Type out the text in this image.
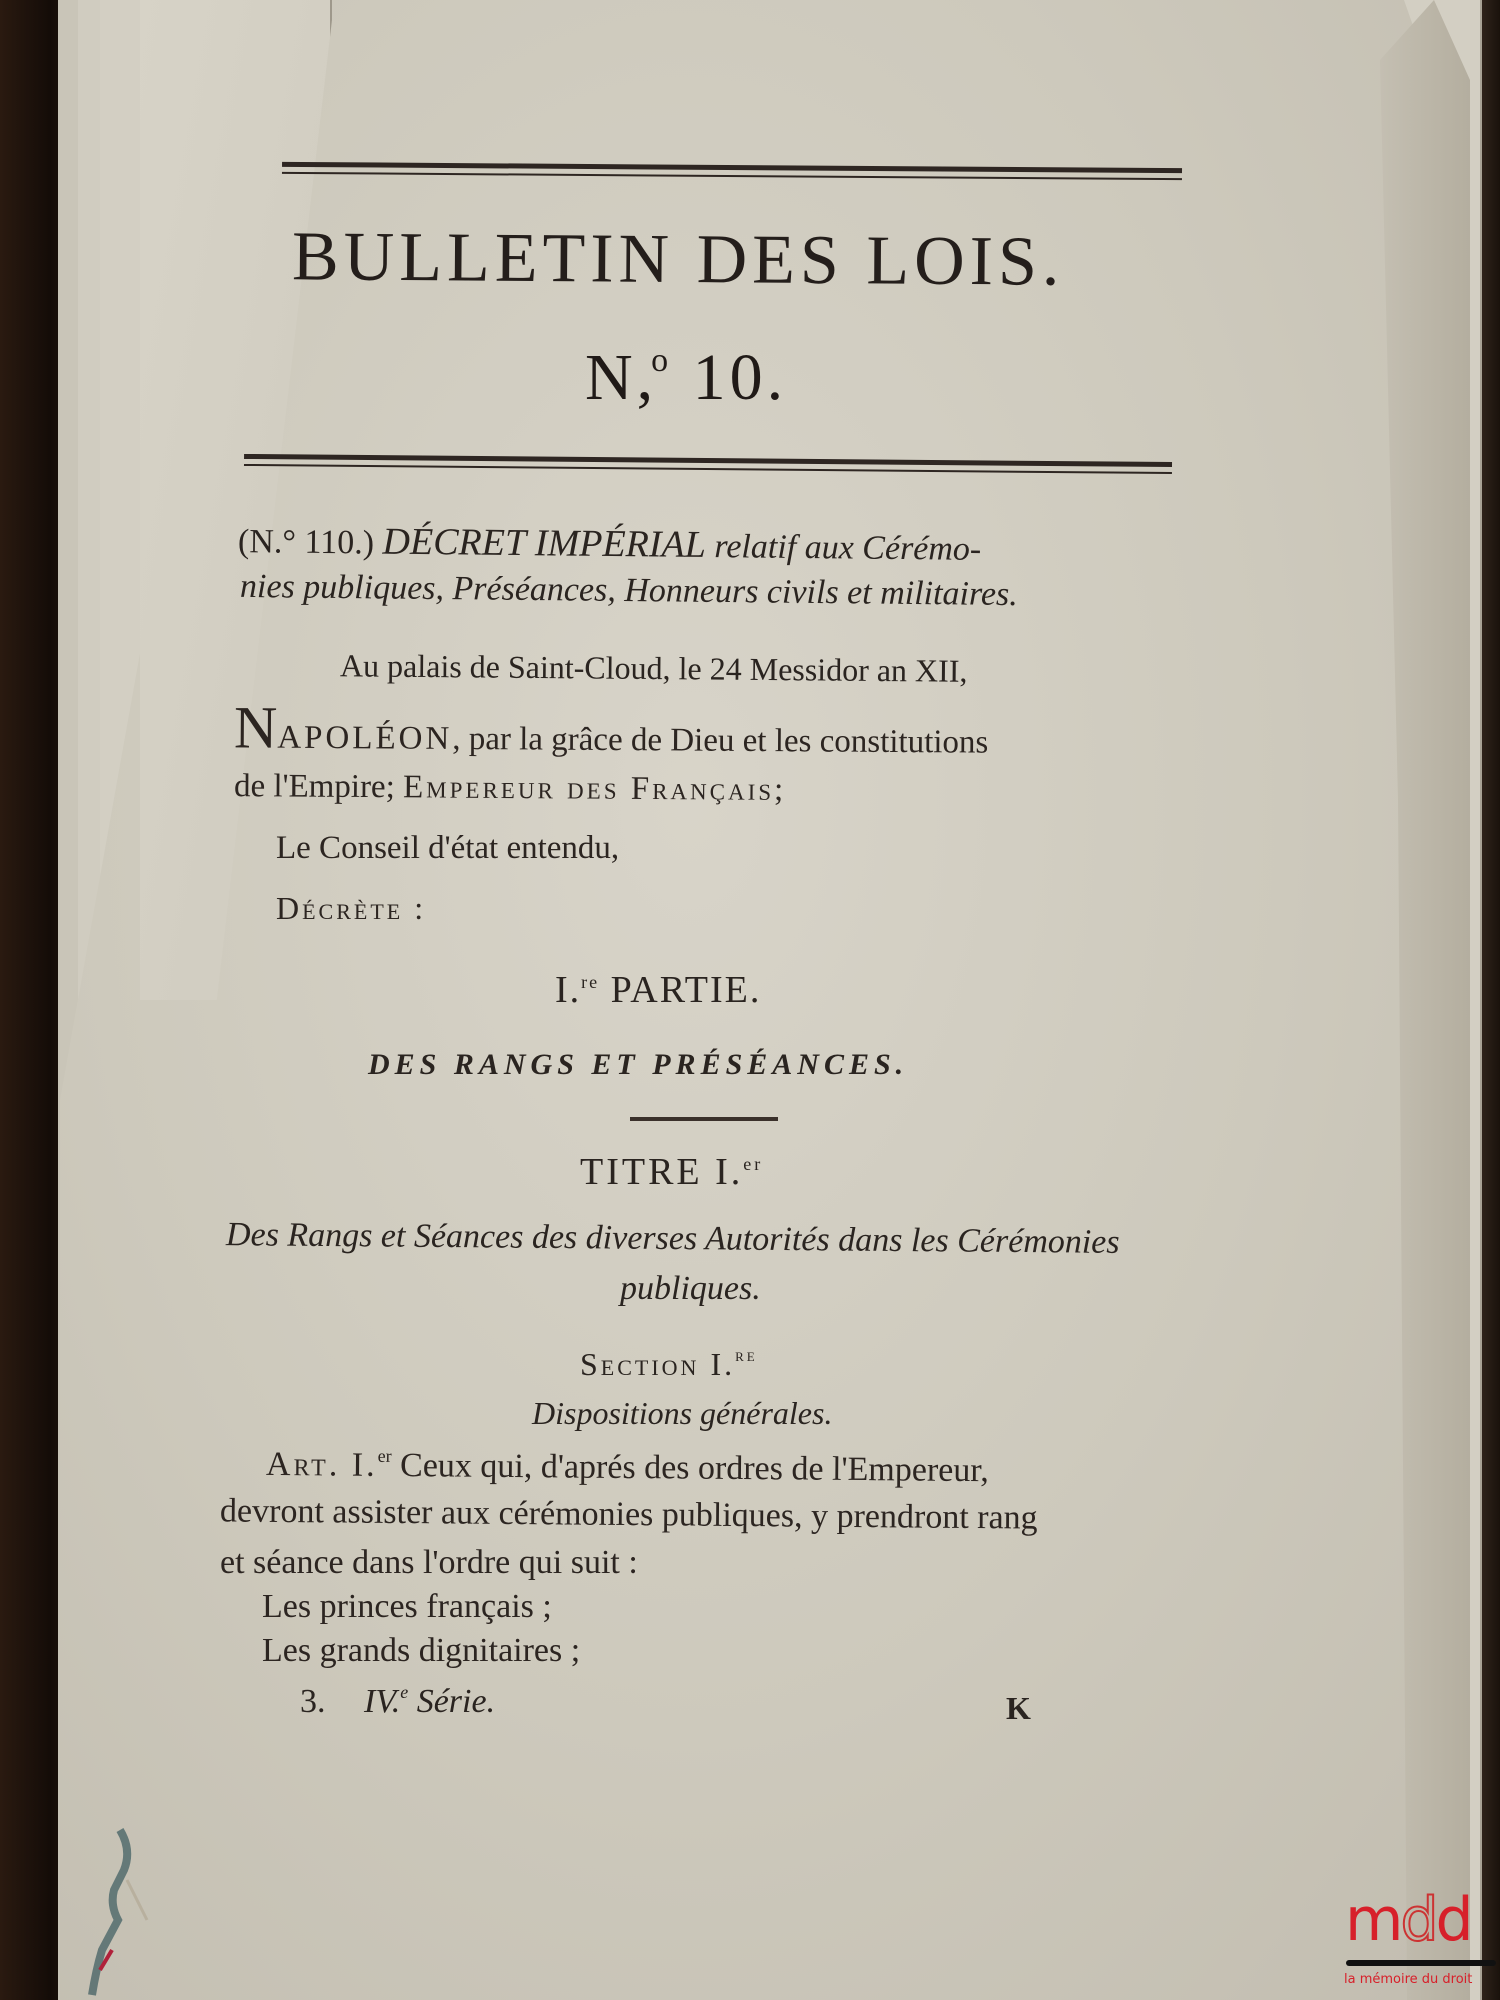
BULLETIN DES LOIS.
N,$^o$ 10.
(N.° 110.) DÉCRET IMPÉRIAL relatif aux Cérémo-
nies publiques, Préséances, Honneurs civils et militaires.
Au palais de Saint-Cloud, le 24 Messidor an XII,
NAPOLÉON, par la grâce de Dieu et les constitutions
de l'Empire; Empereur des Français;
Le Conseil d'état entendu,
Décrète :
I.$^{re}$ PARTIE.
DES RANGS ET PRÉSÉANCES.
TITRE I.$^{er}$
Des Rangs et Séances des diverses Autorités dans les Cérémonies
publiques.
Section I.$^{re}$
Dispositions générales.
Art. I.$^{er}$ Ceux qui, d'aprés des ordres de l'Empereur,
devront assister aux cérémonies publiques, y prendront rang
et séance dans l'ordre qui suit :
Les princes français ;
Les grands dignitaires ;
3. IV.$^e$ Série.	K
mdd
la mémoire du droit
